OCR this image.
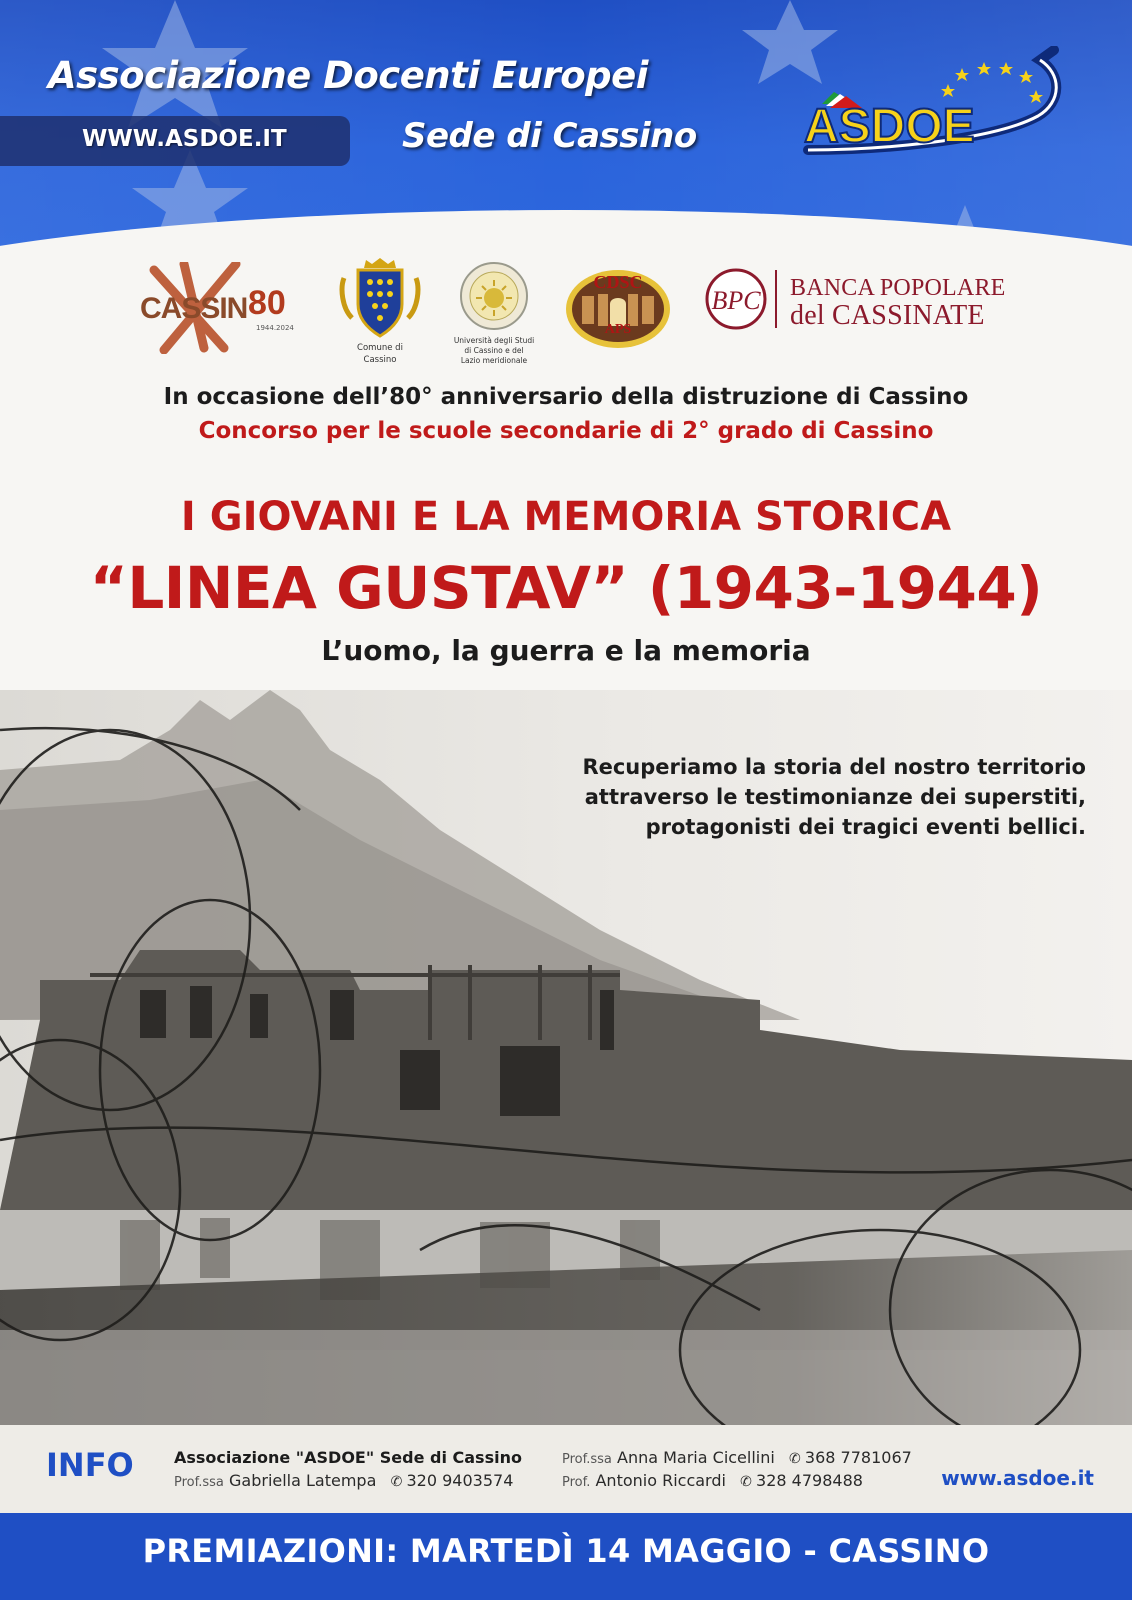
Associazione Docenti Europei
WWW.ASDOE.IT	Sede di Cassino ASDOE
CASSIN 80
1944.2024
Comune di
Cassino
Università degli Studi
di Cassino e del
Lazio meridionale
CDSC
APS
BPC BANCA POPOLARE
del CASSINATE

In occasione dell’80° anniversario della distruzione di Cassino

Concorso per le scuole secondarie di 2° grado di Cassino

I GIOVANI E LA MEMORIA STORICA
“LINEA GUSTAV” (1943-1944)

L’uomo, la guerra e la memoria

Recuperiamo la storia del nostro territorio
attraverso le testimonianze dei superstiti,
protagonisti dei tragici eventi bellici.
INFO	Associazione "ASDOE" Sede di Cassino
Prof.ssa Gabriella Latempa ✆ 320 9403574
Prof.ssa Anna Maria Cicellini ✆ 368 7781067
Prof. Antonio Riccardi ✆ 328 4798488	www.asdoe.it

PREMIAZIONI: MARTEDÌ 14 MAGGIO - CASSINO
